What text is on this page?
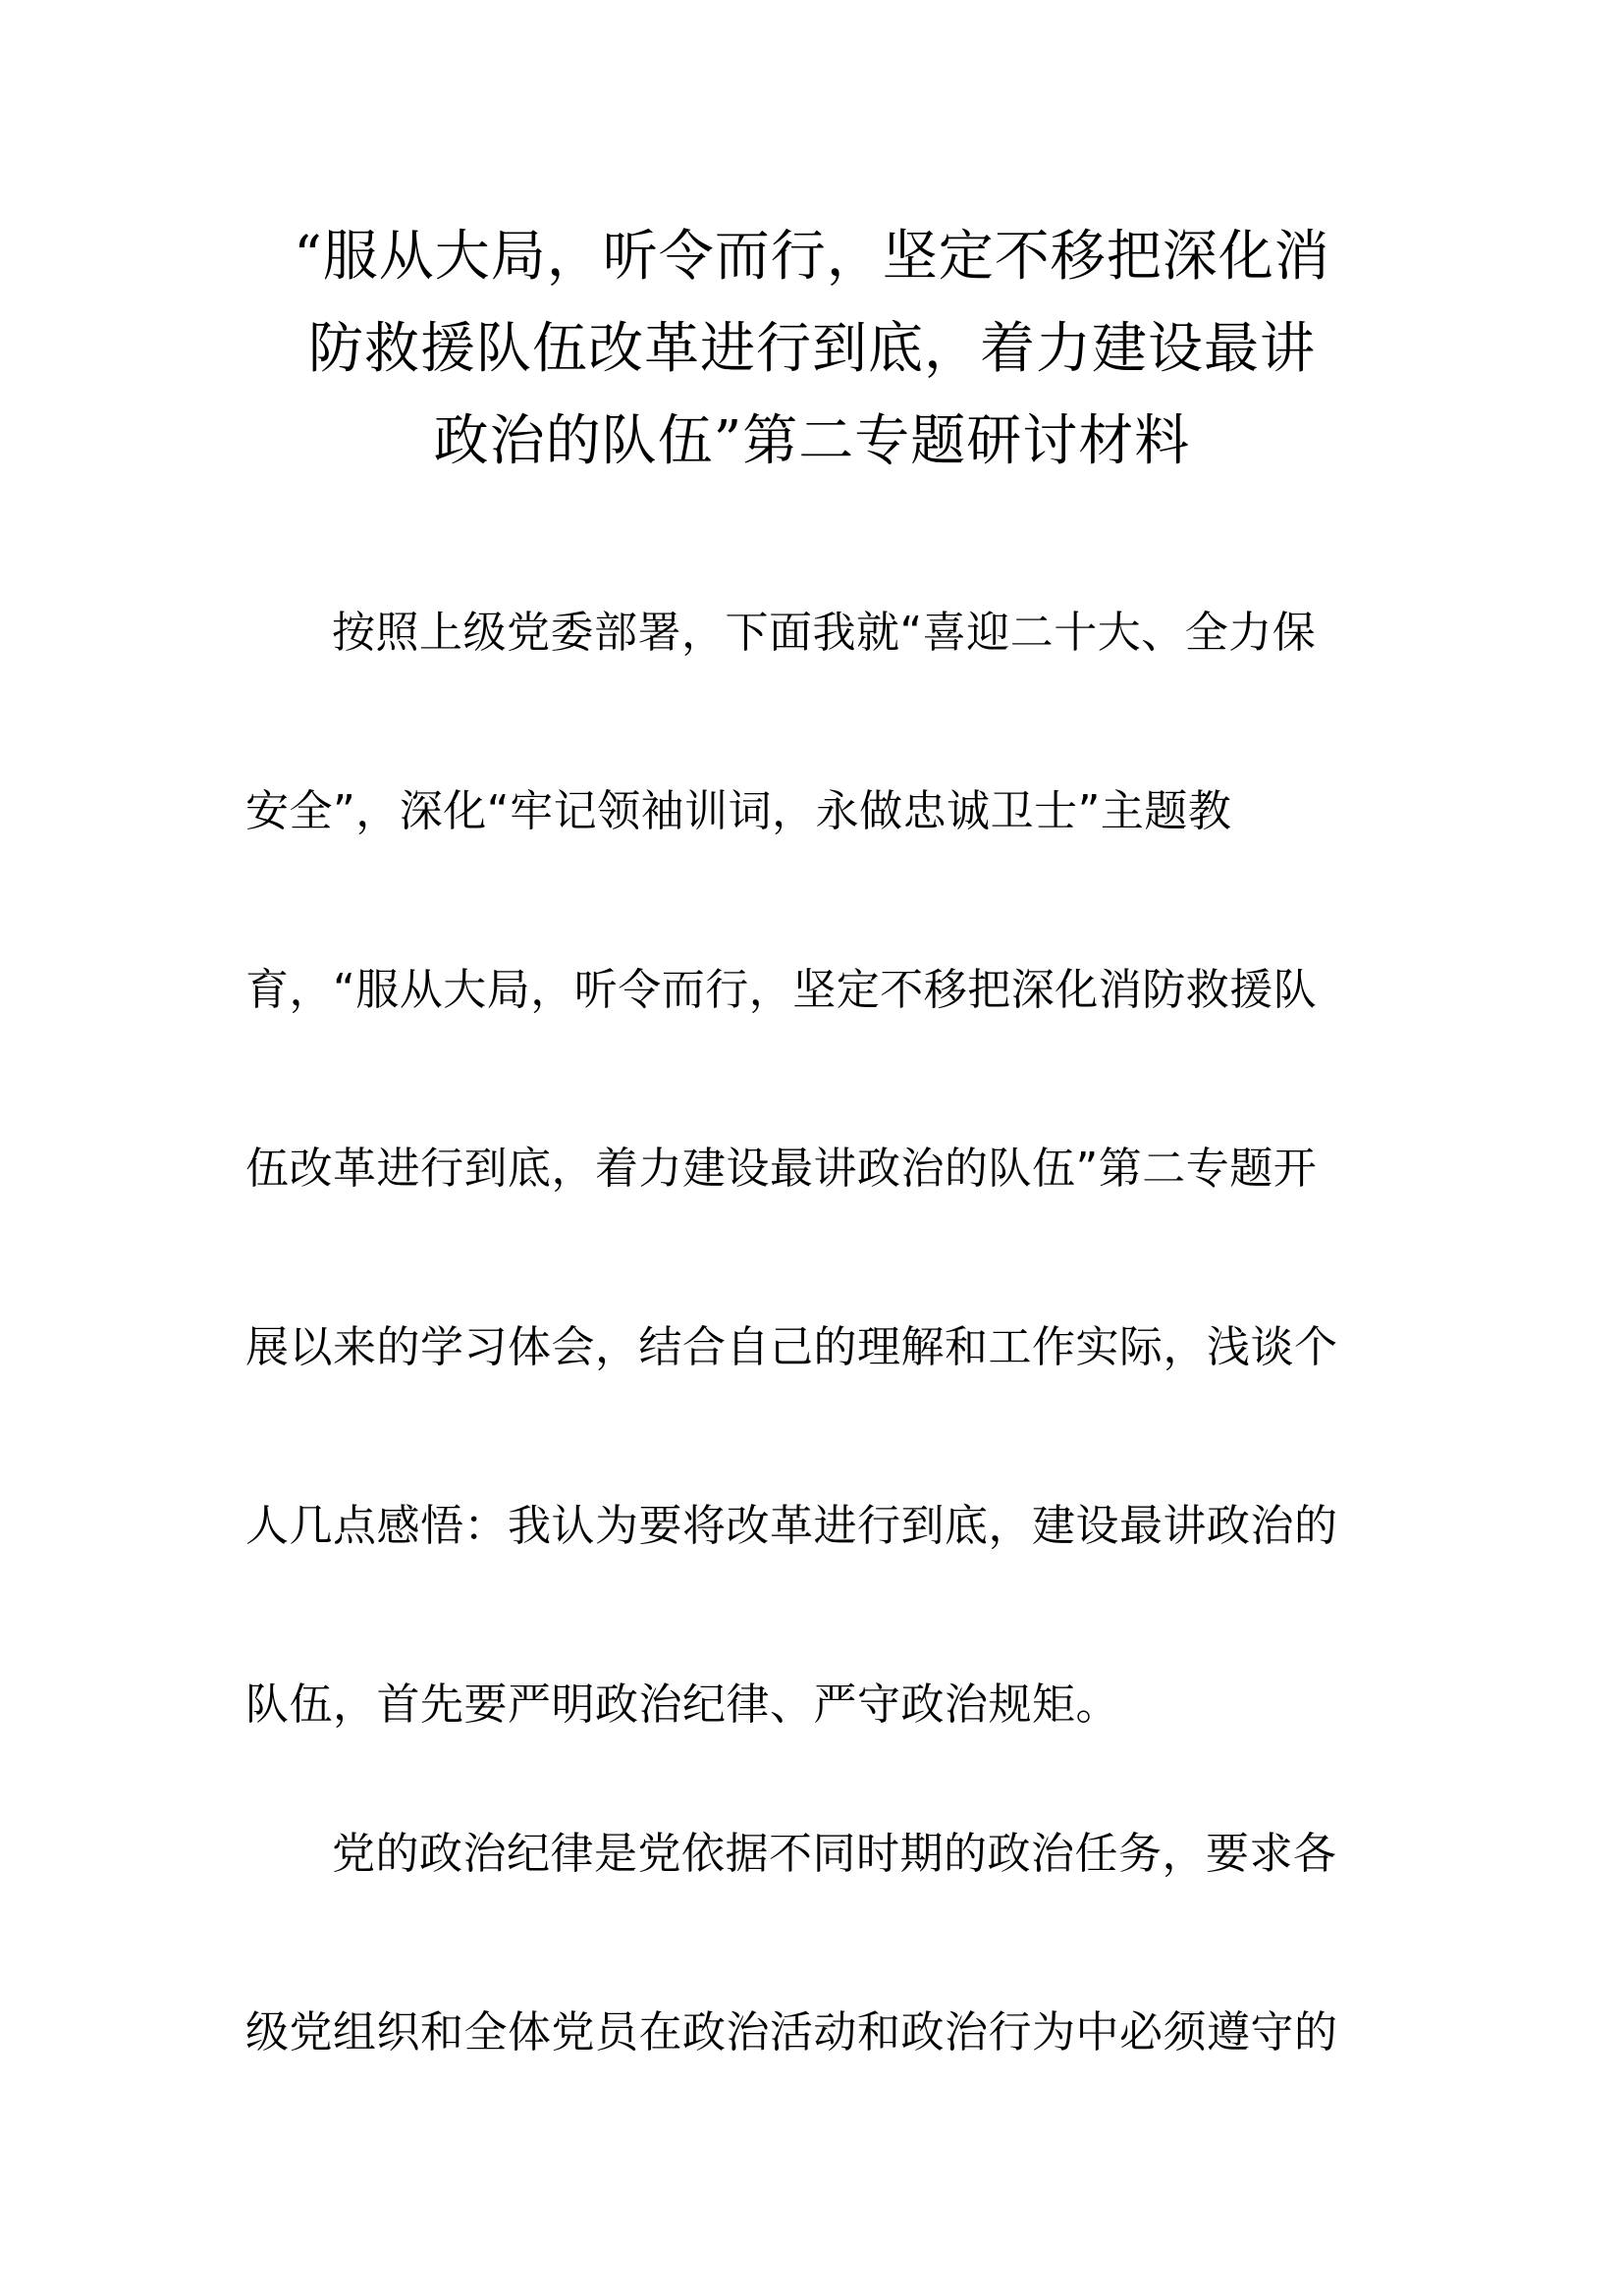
“服从大局，听令而行，坚定不移把深化消
防救援队伍改革进行到底，着力建设最讲
政治的队伍”第二专题研讨材料
按照上级党委部署，下面我就“喜迎二十大、全力保
安全”，深化“牢记领袖训词，永做忠诚卫士”主题教
育，“服从大局，听令而行，坚定不移把深化消防救援队
伍改革进行到底，着力建设最讲政治的队伍”第二专题开
展以来的学习体会，结合自己的理解和工作实际，浅谈个
人几点感悟：我认为要将改革进行到底，建设最讲政治的
队伍，首先要严明政治纪律、严守政治规矩。
党的政治纪律是党依据不同时期的政治任务，要求各
级党组织和全体党员在政治活动和政治行为中必须遵守的
